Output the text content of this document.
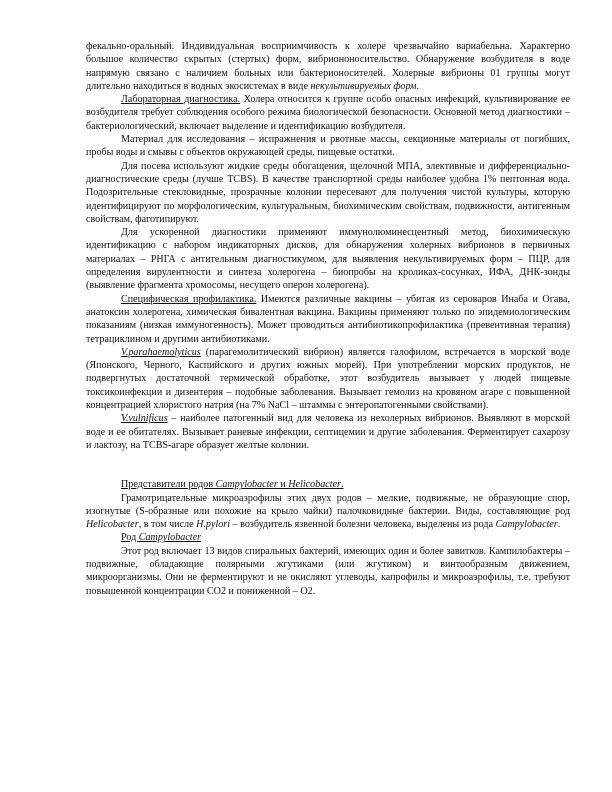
фекально-оральный. Индивидуальная восприимчивость к холере чрезвычайно вариабельна. Характерно большое количество скрытых (стертых) форм, вибриононосительство. Обнаружение возбудителя в воде напрямую связано с наличием больных или бактерионосителей. Холерные вибрионы 01 группы могут длительно находиться в водных экосистемах в виде некультивируемых форм.

Лабораторная диагностика. Холера относится к группе особо опасных инфекций, культивирование ее возбудителя требует соблюдения особого режима биологической безопасности. Основной метод диагностики – бактериологический, включает выделение и идентификацию возбудителя.

Материал для исследования – испражнения и рвотные массы, секционные материалы от погибших, пробы воды и смывы с объектов окружающей среды, пищевые остатки.

Для посева используют жидкие среды обогащения, щелочной МПА, элективные и дифференциально-диагностические среды (лучше TCBS). В качестве транспортной среды наиболее удобна 1% пептонная вода. Подозрительные стекловидные, прозрачные колонии пересевают для получения чистой культуры, которую идентифицируют по морфологическим, культуральным, биохимическим свойствам, подвижности, антигенным свойствам, фаготипируют.

Для ускоренной диагностики применяют иммунолюминесцентный метод, биохимическую идентификацию с набором индикаторных дисков, для обнаружения холерных вибрионов в первичных материалах – РНГА с антительным диагностикумом, для выявления некультивируемых форм – ПЦР, для определения вирулентности и синтеза холерогена – биопробы на кроликах-сосунках, ИФА, ДНК-зонды (выявление фрагмента хромосомы, несущего оперон холерогена).

Специфическая профилактика. Имеются различные вакцины – убитая из сероваров Инаба и Огава, анатоксин холерогена, химическая бивалентная вакцина. Вакцины применяют только по эпидемиологическим показаниям (низкая иммуногенность). Может проводиться антибиотикопрофилактика (превентивная терапия) тетрациклином и другими антибиотиками.

V.parahaemolyticus (парагемолитический вибрион) является галофилом, встречается в морской воде (Японского, Черного, Каспийского и других южных морей). При употреблении морских продуктов, не подвергнутых достаточной термической обработке, этот возбудитель вызывает у людей пищевые токсикоинфекции и дизентерия – подобные заболевания. Вызывает гемолиз на кровяном агаре с повышенной концентрацией хлористого натрия (на 7% NaCl – штаммы с энтеропатогенными свойствами).

V.vulnificus – наиболее патогенный вид для человека из нехолерных вибрионов. Выявляют в морской воде и ее обитателях. Вызывает раневые инфекции, септицемии и другие заболевания. Ферментирует сахарозу и лактозу, на TCBS-агаре образует желтые колонии.

Представители родов Campylobacter и Helicobacter.

Грамотрицательные микроаэрофилы этих двух родов – мелкие, подвижные, не образующие спор, изогнутые (S-образные или похожие на крыло чайки) палочковидные бактерии. Виды, составляющие род Helicobacter, в том числе H.pylori – возбудитель язвенной болезни человека, выделены из рода Campylobacter.

Род Campylobacter

Этот род включает 13 видов спиральных бактерий, имеющих один и более завитков. Кампилобактеры – подвижные, обладающие полярными жгутиками (или жгутиком) и винтообразным движением, микроорганизмы. Они не ферментируют и не окисляют углеводы, капрофилы и микроаэрофилы, т.е. требуют повышенной концентрации СО2 и пониженной – О2.
